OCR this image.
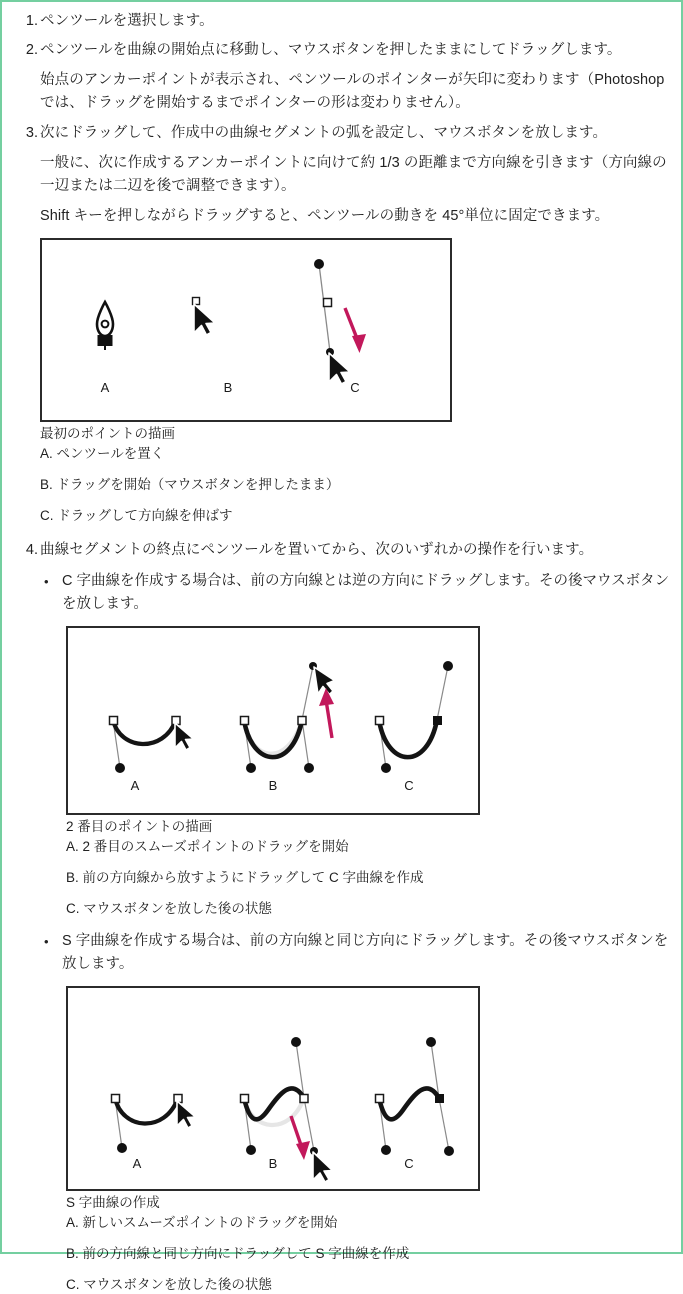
ペンツールを選択します。
ペンツールを曲線の開始点に移動し、マウスボタンを押したままにしてドラッグします。
始点のアンカーポイントが表示され、ペンツールのポインターが矢印に変わります（Photoshop では、ドラッグを開始するまでポインターの形は変わりません）。
次にドラッグして、作成中の曲線セグメントの弧を設定し、マウスボタンを放します。
一般に、次に作成するアンカーポイントに向けて約 1/3 の距離まで方向線を引きます（方向線の一辺または二辺を後で調整できます）。
Shift キーを押しながらドラッグすると、ペンツールの動きを 45°単位に固定できます。
A	B	C
最初のポイントの描画
A. ペンツールを置く
B. ドラッグを開始（マウスボタンを押したまま）
C. ドラッグして方向線を伸ばす
曲線セグメントの終点にペンツールを置いてから、次のいずれかの操作を行います。
• C 字曲線を作成する場合は、前の方向線とは逆の方向にドラッグします。その後マウスボタンを放します。
A	B	C
2 番目のポイントの描画
A. 2 番目のスムーズポイントのドラッグを開始
B. 前の方向線から放すようにドラッグして C 字曲線を作成
C. マウスボタンを放した後の状態
• S 字曲線を作成する場合は、前の方向線と同じ方向にドラッグします。その後マウスボタンを放します。
A	B	C
S 字曲線の作成
A. 新しいスムーズポイントのドラッグを開始
B. 前の方向線と同じ方向にドラッグして S 字曲線を作成
C. マウスボタンを放した後の状態
